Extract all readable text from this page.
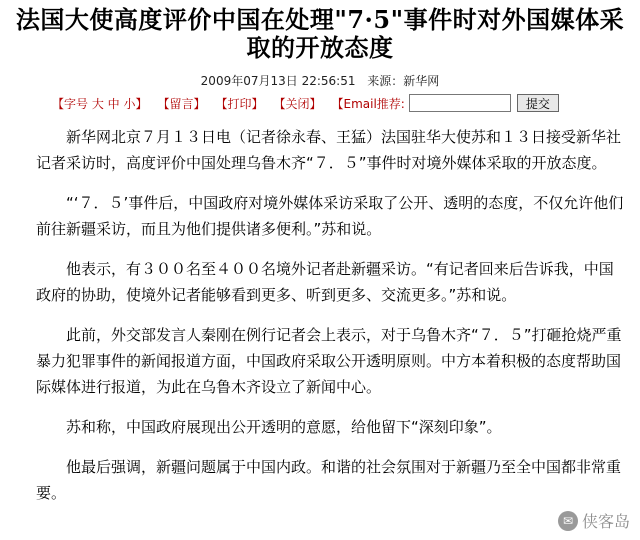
法国大使高度评价中国在处理"7·5"事件时对外国媒体采取的开放态度
2009年07月13日 22:56:51 来源：新华网
【字号 大 中 小】 【留言】 【打印】 【关闭】 【Email推荐:	提交

新华网北京７月１３日电（记者徐永春、王猛）法国驻华大使苏和１３日接受新华社记者采访时，高度评价中国处理乌鲁木齐“７．５”事件时对境外媒体采取的开放态度。

“‘７．５’事件后，中国政府对境外媒体采访采取了公开、透明的态度，不仅允许他们前往新疆采访，而且为他们提供诸多便利。”苏和说。

他表示，有３００名至４００名境外记者赴新疆采访。“有记者回来后告诉我，中国政府的协助，使境外记者能够看到更多、听到更多、交流更多。”苏和说。

此前，外交部发言人秦刚在例行记者会上表示，对于乌鲁木齐“７．５”打砸抢烧严重暴力犯罪事件的新闻报道方面，中国政府采取公开透明原则。中方本着积极的态度帮助国际媒体进行报道，为此在乌鲁木齐设立了新闻中心。

苏和称，中国政府展现出公开透明的意愿，给他留下“深刻印象”。

他最后强调，新疆问题属于中国内政。和谐的社会氛围对于新疆乃至全中国都非常重要。

✉ 侠客岛
